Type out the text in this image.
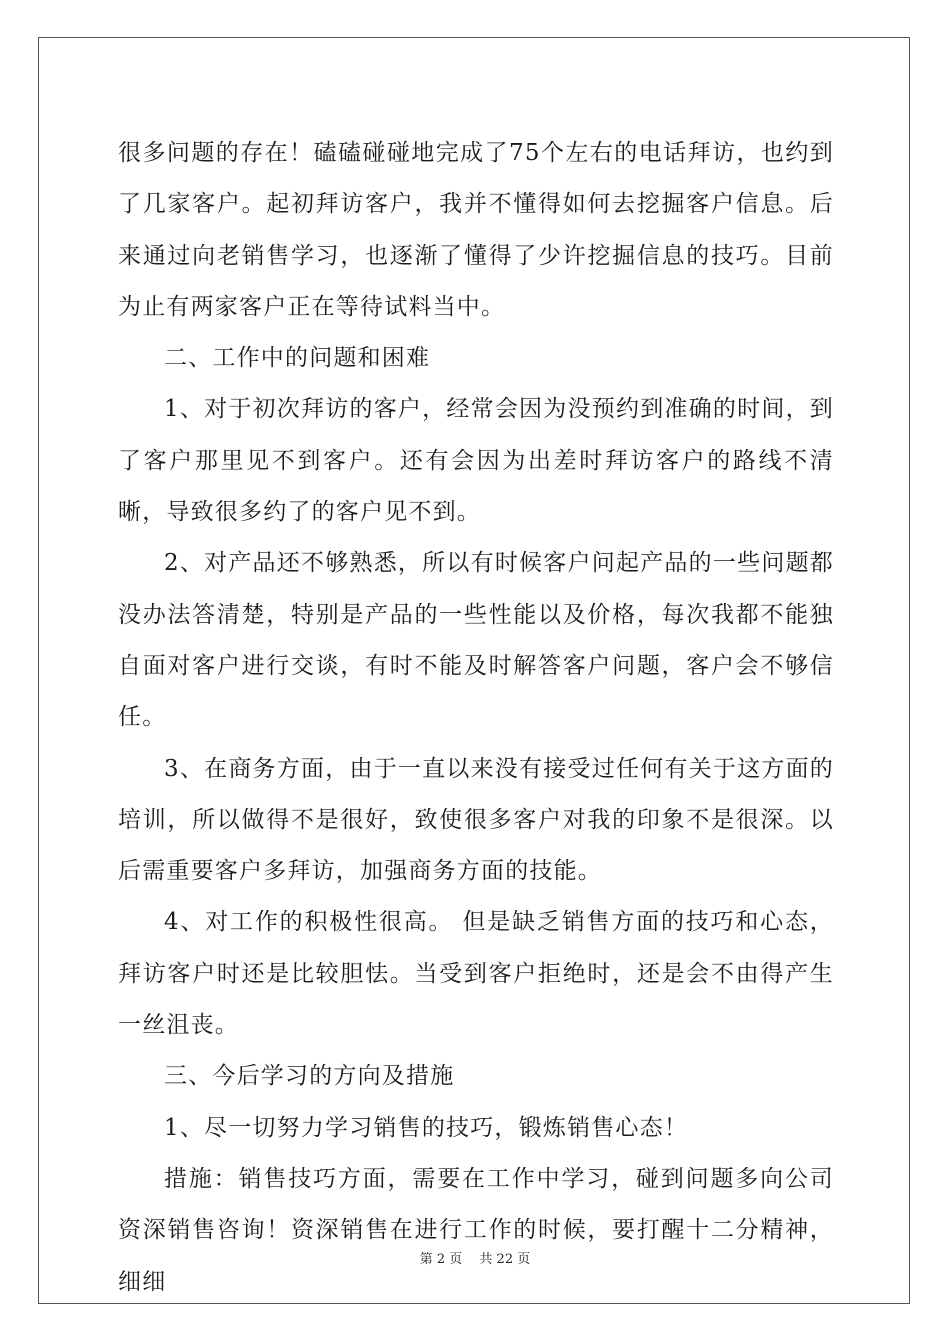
很多问题的存在！磕磕碰碰地完成了75个左右的电话拜访，也约到了几家客户。起初拜访客户，我并不懂得如何去挖掘客户信息。后来通过向老销售学习，也逐渐了懂得了少许挖掘信息的技巧。目前为止有两家客户正在等待试料当中。

二、工作中的问题和困难

1、对于初次拜访的客户，经常会因为没预约到准确的时间，到了客户那里见不到客户。还有会因为出差时拜访客户的路线不清晰，导致很多约了的客户见不到。

2、对产品还不够熟悉，所以有时候客户问起产品的一些问题都没办法答清楚，特别是产品的一些性能以及价格，每次我都不能独自面对客户进行交谈，有时不能及时解答客户问题，客户会不够信任。

3、在商务方面，由于一直以来没有接受过任何有关于这方面的培训，所以做得不是很好，致使很多客户对我的印象不是很深。以后需重要客户多拜访，加强商务方面的技能。

4、对工作的积极性很高。 但是缺乏销售方面的技巧和心态，拜访客户时还是比较胆怯。当受到客户拒绝时，还是会不由得产生一丝沮丧。

三、今后学习的方向及措施

1、尽一切努力学习销售的技巧，锻炼销售心态！

措施：销售技巧方面，需要在工作中学习，碰到问题多向公司资深销售咨询！资深销售在进行工作的时候，要打醒十二分精神，细细

第 2 页　 共 22 页
